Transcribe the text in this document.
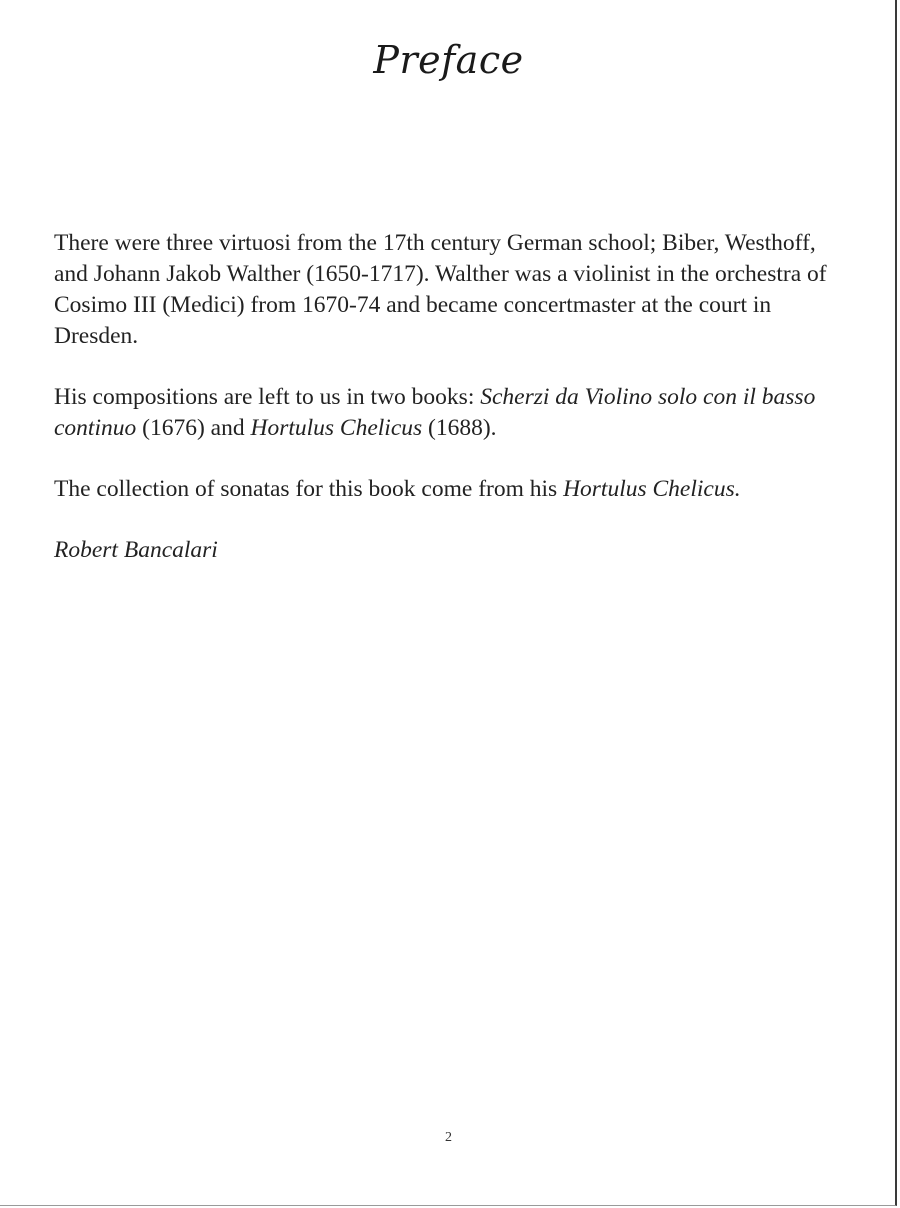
Preface

There were three virtuosi from the 17th century German school; Biber, Westhoff, and Johann Jakob Walther (1650-1717). Walther was a violinist in the orchestra of Cosimo III (Medici) from 1670-74 and became concertmaster at the court in Dresden.

His compositions are left to us in two books: Scherzi da Violino solo con il basso continuo (1676) and Hortulus Chelicus (1688).

The collection of sonatas for this book come from his Hortulus Chelicus.

Robert Bancalari

2
